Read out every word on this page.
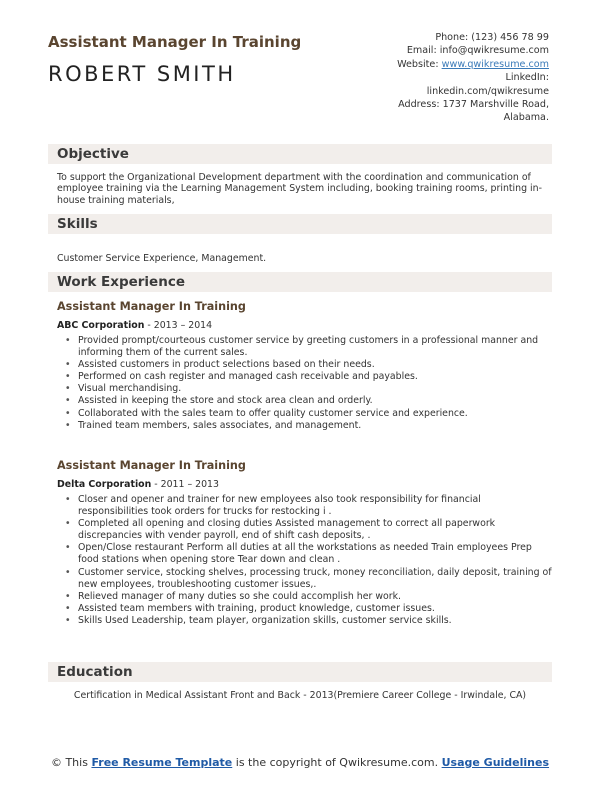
Assistant Manager In Training
ROBERT SMITH
Phone: (123) 456 78 99
Email: info@qwikresume.com
Website: www.qwikresume.com
LinkedIn:
linkedin.com/qwikresume
Address: 1737 Marshville Road,
Alabama.
Objective
To support the Organizational Development department with the coordination and communication of employee training via the Learning Management System including, booking training rooms, printing in-house training materials,
Skills
Customer Service Experience, Management.
Work Experience
Assistant Manager In Training
ABC Corporation - 2013 – 2014
• Provided prompt/courteous customer service by greeting customers in a professional manner and informing them of the current sales.
• Assisted customers in product selections based on their needs.
• Performed on cash register and managed cash receivable and payables.
• Visual merchandising.
• Assisted in keeping the store and stock area clean and orderly.
• Collaborated with the sales team to offer quality customer service and experience.
• Trained team members, sales associates, and management.
Assistant Manager In Training
Delta Corporation - 2011 – 2013
• Closer and opener and trainer for new employees also took responsibility for financial responsibilities took orders for trucks for restocking i .
• Completed all opening and closing duties Assisted management to correct all paperwork discrepancies with vender payroll, end of shift cash deposits, .
• Open/Close restaurant Perform all duties at all the workstations as needed Train employees Prep food stations when opening store Tear down and clean .
• Customer service, stocking shelves, processing truck, money reconciliation, daily deposit, training of new employees, troubleshooting customer issues,.
• Relieved manager of many duties so she could accomplish her work.
• Assisted team members with training, product knowledge, customer issues.
• Skills Used Leadership, team player, organization skills, customer service skills.
Education
Certification in Medical Assistant Front and Back - 2013(Premiere Career College - Irwindale, CA)
© This Free Resume Template is the copyright of Qwikresume.com. Usage Guidelines
